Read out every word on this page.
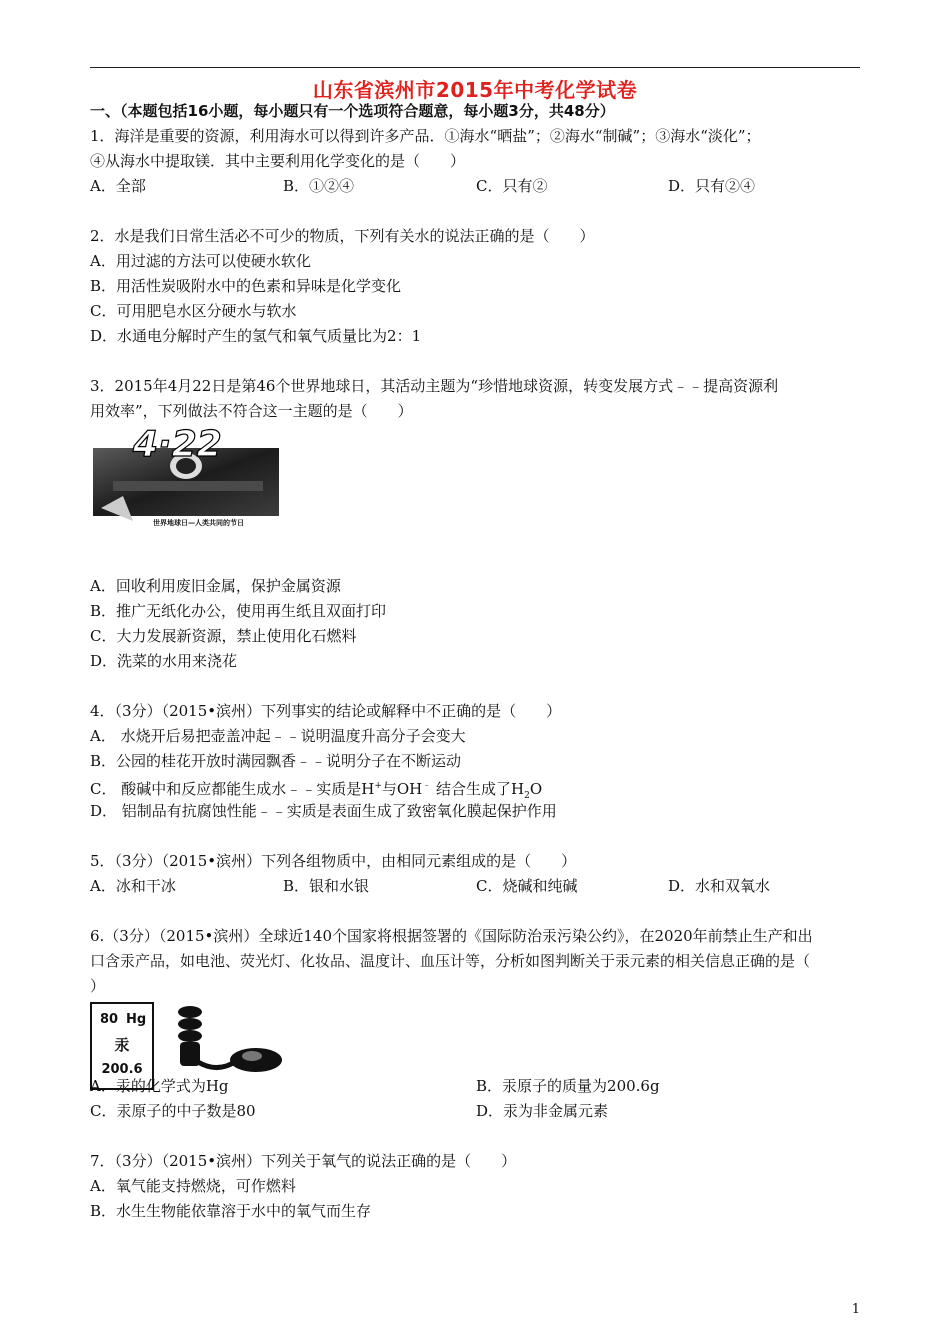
山东省滨州市2015年中考化学试卷
一、（本题包括16小题，每小题只有一个选项符合题意，每小题3分，共48分）
1．海洋是重要的资源，利用海水可以得到许多产品．①海水“晒盐”；②海水“制碱”；③海水“淡化”；
④从海水中提取镁．其中主要利用化学变化的是（　　）
A．全部	B．①②④	C．只有②	D．只有②④
2．水是我们日常生活必不可少的物质，下列有关水的说法正确的是（　　）
A．用过滤的方法可以使硬水软化
B．用活性炭吸附水中的色素和异味是化学变化
C．可用肥皂水区分硬水与软水
D．水通电分解时产生的氢气和氧气质量比为2：1
3．2015年4月22日是第46个世界地球日，其活动主题为“珍惜地球资源，转变发展方式﹣﹣提高资源利
用效率”，下列做法不符合这一主题的是（　　）
4·22
世界地球日—人类共同的节日
A．回收利用废旧金属，保护金属资源
B．推广无纸化办公，使用再生纸且双面打印
C．大力发展新资源，禁止使用化石燃料
D．洗菜的水用来浇花
4．（3分）（2015•滨州）下列事实的结论或解释中不正确的是（　　）
A． 水烧开后易把壶盖冲起﹣﹣说明温度升高分子会变大
B．公园的桂花开放时满园飘香﹣﹣说明分子在不断运动
C． 酸碱中和反应都能生成水﹣﹣实质是H+与OH﹣ 结合生成了$H_2O$
D． 铝制品有抗腐蚀性能﹣﹣实质是表面生成了致密氧化膜起保护作用
5．（3分）（2015•滨州）下列各组物质中，由相同元素组成的是（　　）
A．冰和干冰	B．银和水银	C．烧碱和纯碱	D．水和双氧水
6.（3分）（2015•滨州）全球近140个国家将根据签署的《国际防治汞污染公约》，在2020年前禁止生产和出
口含汞产品，如电池、荧光灯、化妆品、温度计、血压计等，分析如图判断关于汞元素的相关信息正确的是（
）
80 Hg
汞
200.6
A．汞的化学式为Hg	B．汞原子的质量为200.6g
C．汞原子的中子数是80	D．汞为非金属元素
7．（3分）（2015•滨州）下列关于氧气的说法正确的是（　　）
A．氧气能支持燃烧，可作燃料
B．水生生物能依靠溶于水中的氧气而生存
1
